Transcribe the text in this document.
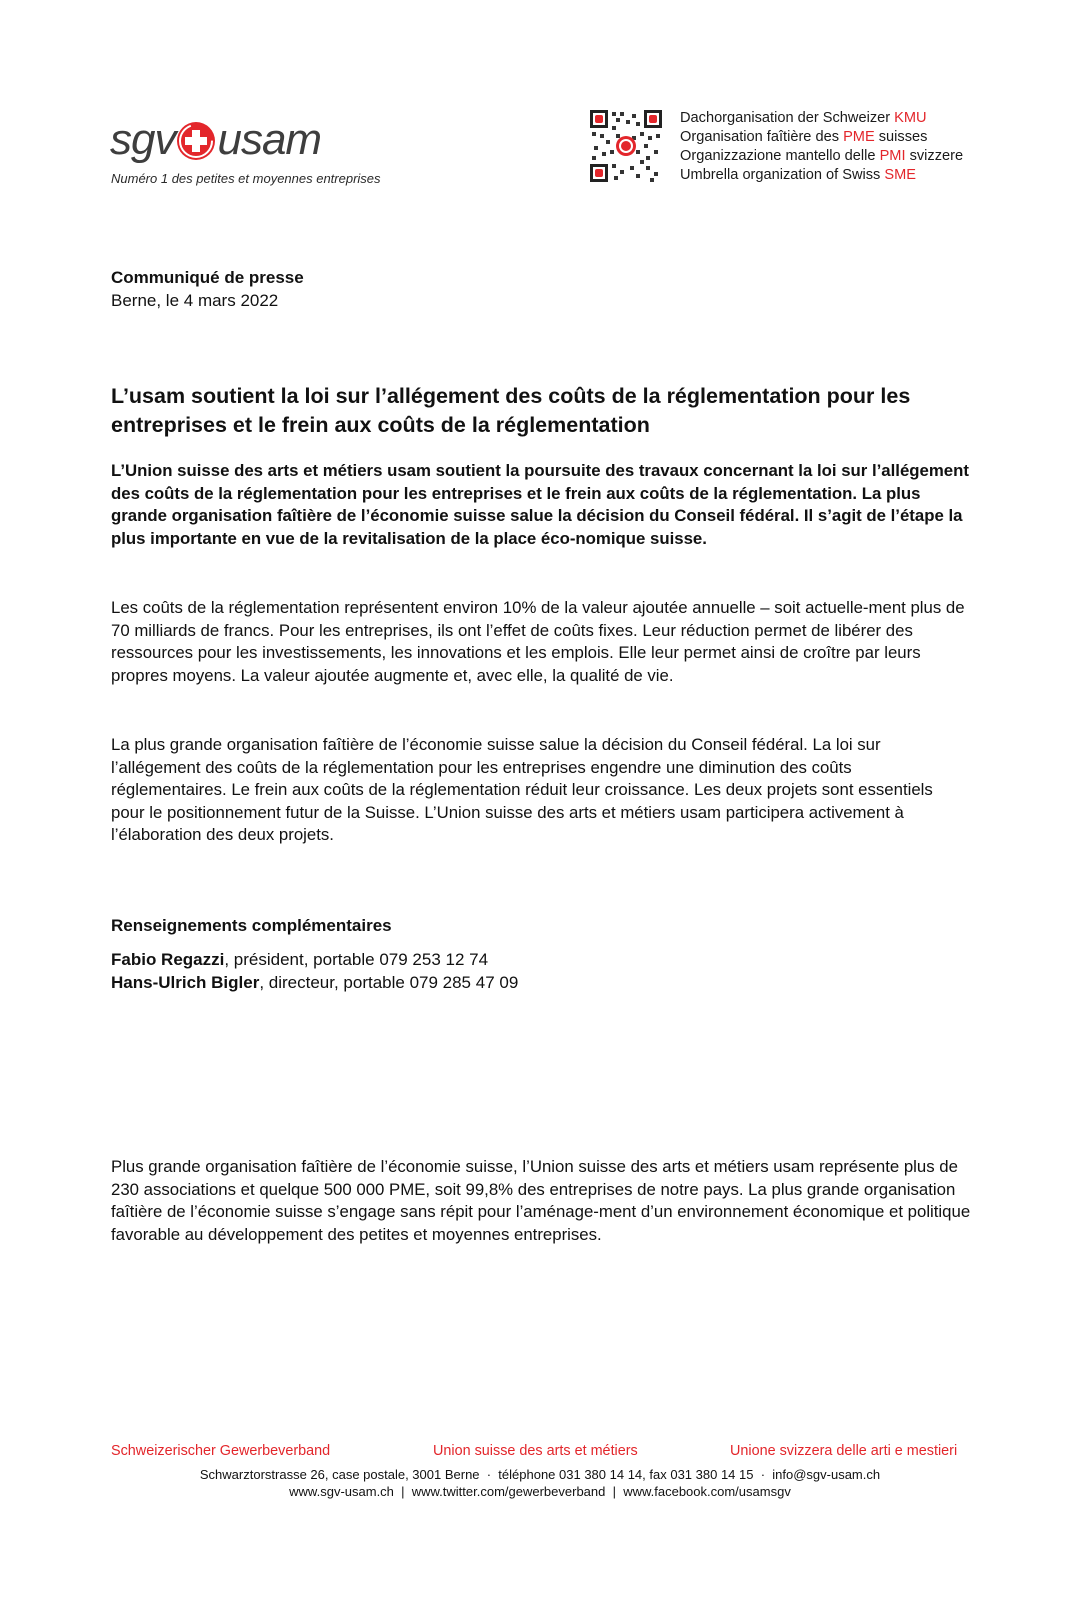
sgv usam
Numéro 1 des petites et moyennes entreprises
Dachorganisation der Schweizer KMU
Organisation faîtière des PME suisses
Organizzazione mantello delle PMI svizzere
Umbrella organization of Swiss SME
Communiqué de presse
Berne, le 4 mars 2022
L’usam soutient la loi sur l’allégement des coûts de la réglementation pour les entreprises et le frein aux coûts de la réglementation
L’Union suisse des arts et métiers usam soutient la poursuite des travaux concernant la loi sur l’allégement des coûts de la réglementation pour les entreprises et le frein aux coûts de la réglementation. La plus grande organisation faîtière de l’économie suisse salue la décision du Conseil fédéral. Il s’agit de l’étape la plus importante en vue de la revitalisation de la place éco-nomique suisse.
Les coûts de la réglementation représentent environ 10% de la valeur ajoutée annuelle – soit actuelle-ment plus de 70 milliards de francs. Pour les entreprises, ils ont l’effet de coûts fixes. Leur réduction permet de libérer des ressources pour les investissements, les innovations et les emplois. Elle leur permet ainsi de croître par leurs propres moyens. La valeur ajoutée augmente et, avec elle, la qualité de vie.
La plus grande organisation faîtière de l’économie suisse salue la décision du Conseil fédéral. La loi sur l’allégement des coûts de la réglementation pour les entreprises engendre une diminution des coûts réglementaires. Le frein aux coûts de la réglementation réduit leur croissance. Les deux projets sont essentiels pour le positionnement futur de la Suisse. L’Union suisse des arts et métiers usam participera activement à l’élaboration des deux projets.
Renseignements complémentaires
Fabio Regazzi, président, portable 079 253 12 74
Hans-Ulrich Bigler, directeur, portable 079 285 47 09
Plus grande organisation faîtière de l’économie suisse, l’Union suisse des arts et métiers usam représente plus de 230 associations et quelque 500 000 PME, soit 99,8% des entreprises de notre pays. La plus grande organisation faîtière de l’économie suisse s’engage sans répit pour l’aménage-ment d’un environnement économique et politique favorable au développement des petites et moyennes entreprises.
Schweizerischer Gewerbeverband	Union suisse des arts et métiers	Unione svizzera delle arti e mestieri
Schwarztorstrasse 26, case postale, 3001 Berne  ·  téléphone 031 380 14 14, fax 031 380 14 15  ·  info@sgv-usam.ch
www.sgv-usam.ch  |  www.twitter.com/gewerbeverband  |  www.facebook.com/usamsgv
